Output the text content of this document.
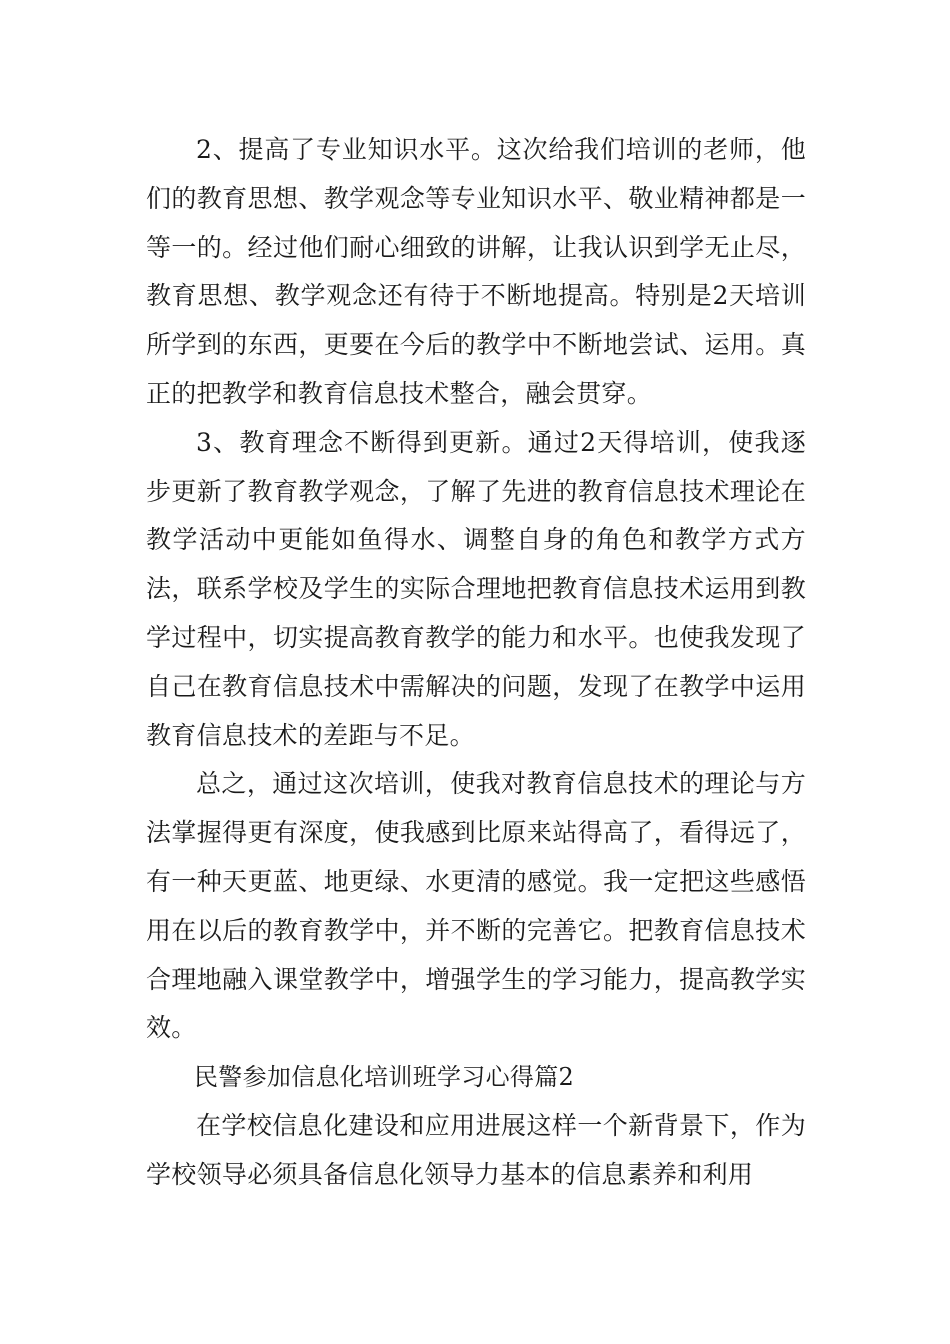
2、提高了专业知识水平。这次给我们培训的老师，他们的教育思想、教学观念等专业知识水平、敬业精神都是一等一的。经过他们耐心细致的讲解，让我认识到学无止尽，教育思想、教学观念还有待于不断地提高。特别是2天培训所学到的东西，更要在今后的教学中不断地尝试、运用。真正的把教学和教育信息技术整合，融会贯穿。

3、教育理念不断得到更新。通过2天得培训，使我逐步更新了教育教学观念，了解了先进的教育信息技术理论在教学活动中更能如鱼得水、调整自身的角色和教学方式方法，联系学校及学生的实际合理地把教育信息技术运用到教学过程中，切实提高教育教学的能力和水平。也使我发现了自己在教育信息技术中需解决的问题，发现了在教学中运用教育信息技术的差距与不足。

总之，通过这次培训，使我对教育信息技术的理论与方法掌握得更有深度，使我感到比原来站得高了，看得远了，有一种天更蓝、地更绿、水更清的感觉。我一定把这些感悟用在以后的教育教学中，并不断的完善它。把教育信息技术合理地融入课堂教学中，增强学生的学习能力，提高教学实效。

民警参加信息化培训班学习心得篇2

在学校信息化建设和应用进展这样一个新背景下，作为学校领导必须具备信息化领导力基本的信息素养和利用
